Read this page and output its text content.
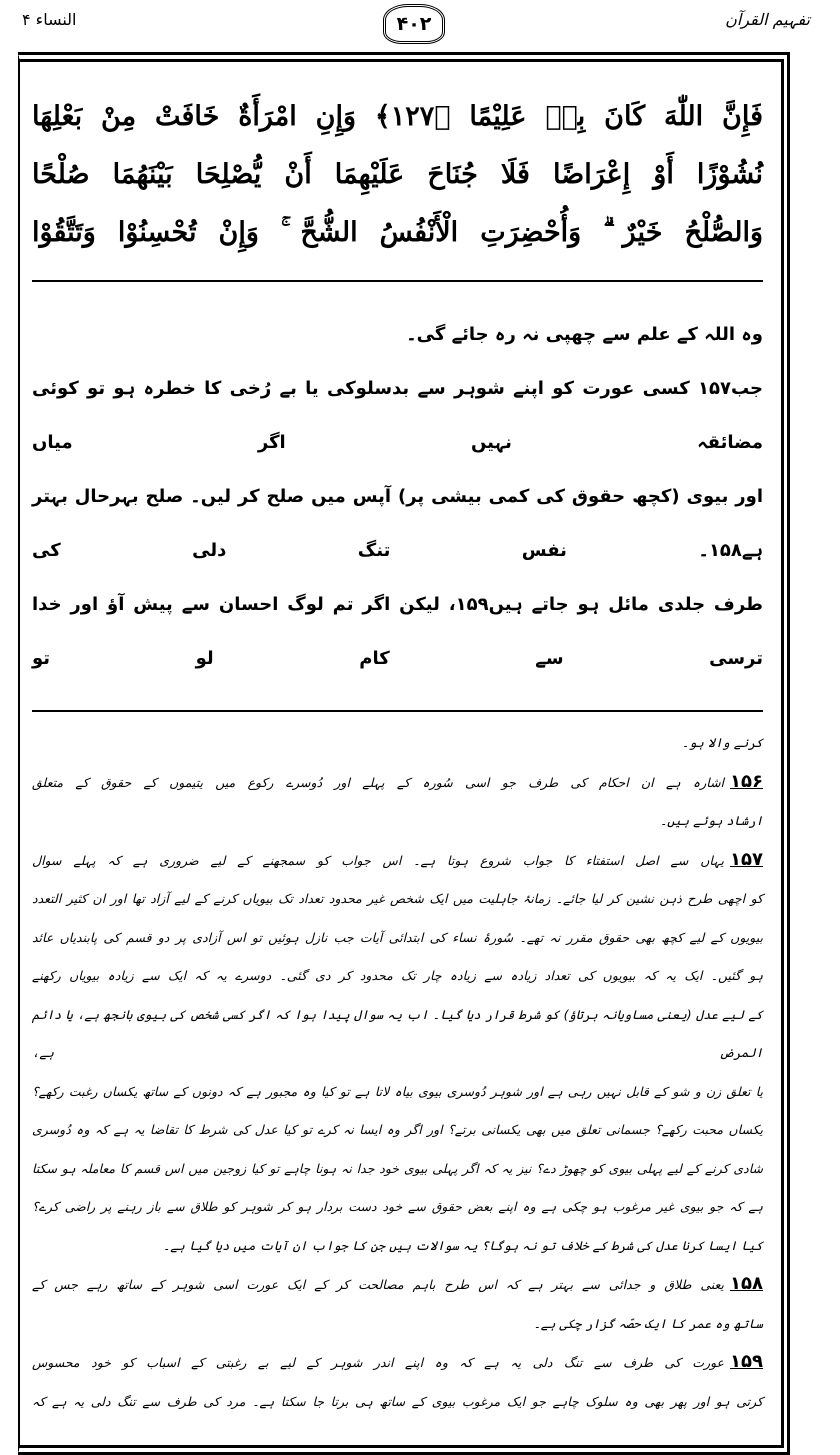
تفہیم القرآن
۴۰۲
النساء ۴
فَإِنَّ اللّٰهَ كَانَ بِهٖ عَلِيْمًا ﴿١٢٧﴾ وَإِنِ امْرَأَةٌ خَافَتْ مِنْ بَعْلِهَا
نُشُوْزًا أَوْ إِعْرَاضًا فَلَا جُنَاحَ عَلَيْهِمَا أَنْ يُّصْلِحَا بَيْنَهُمَا صُلْحًا
وَالصُّلْحُ خَيْرٌ ۗ وَأُحْضِرَتِ الْأَنْفُسُ الشُّحَّ ۚ وَإِنْ تُحْسِنُوْا وَتَتَّقُوْا
وہ اللہ کے علم سے چھپی نہ رہ جائے گی۔
جب۱۵۷ کسی عورت کو اپنے شوہر سے بدسلوکی یا بے رُخی کا خطرہ ہو تو کوئی مضائقہ نہیں اگر میاں
اور بیوی (کچھ حقوق کی کمی بیشی پر) آپس میں صلح کر لیں۔ صلح بہرحال بہتر ہے۱۵۸۔ نفس تنگ دلی کی
طرف جلدی مائل ہو جاتے ہیں۱۵۹، لیکن اگر تم لوگ احسان سے پیش آؤ اور خدا ترسی سے کام لو تو
کرنے والا ہو۔
۱۵۶اشارہ ہے ان احکام کی طرف جو اسی سُورہ کے پہلے اور دُوسرے رکوع میں یتیموں کے حقوق کے متعلق
ارشاد ہوئے ہیں۔
۱۵۷یہاں سے اصل استفتاء کا جواب شروع ہوتا ہے۔ اس جواب کو سمجھنے کے لیے ضروری ہے کہ پہلے سوال
کو اچھی طرح ذہن نشین کر لیا جائے۔ زمانۂ جاہلیت میں ایک شخص غیر محدود تعداد تک بیویاں کرنے کے لیے آزاد تھا اور ان کثیر التعدد
بیویوں کے لیے کچھ بھی حقوق مقرر نہ تھے۔ سُورۂ نساء کی ابتدائی آیات جب نازل ہوئیں تو اس آزادی پر دو قسم کی پابندیاں عائد
ہو گئیں۔ ایک یہ کہ بیویوں کی تعداد زیادہ سے زیادہ چار تک محدود کر دی گئی۔ دوسرے یہ کہ ایک سے زیادہ بیویاں رکھنے
کے لیے عدل (یعنی مساویانہ برتاؤ) کو شرط قرار دیا گیا۔ اب یہ سوال پیدا ہوا کہ اگر کسی شخص کی بیوی بانجھ ہے، یا دائم المرض ہے،
یا تعلق زن و شو کے قابل نہیں رہی ہے اور شوہر دُوسری بیوی بیاہ لاتا ہے تو کیا وہ مجبور ہے کہ دونوں کے ساتھ یکساں رغبت رکھے؟
یکساں محبت رکھے؟ جسمانی تعلق میں بھی یکسانی برتے؟ اور اگر وہ ایسا نہ کرے تو کیا عدل کی شرط کا تقاضا یہ ہے کہ وہ دُوسری
شادی کرنے کے لیے پہلی بیوی کو چھوڑ دے؟ نیز یہ کہ اگر پہلی بیوی خود جدا نہ ہونا چاہے تو کیا زوجین میں اس قسم کا معاملہ ہو سکتا
ہے کہ جو بیوی غیر مرغوب ہو چکی ہے وہ اپنے بعض حقوق سے خود دست بردار ہو کر شوہر کو طلاق سے باز رہنے پر راضی کرے؟
کیا ایسا کرنا عدل کی شرط کے خلاف تو نہ ہوگا؟ یہ سوالات ہیں جن کا جواب ان آیات میں دیا گیا ہے۔
۱۵۸یعنی طلاق و جدائی سے بہتر ہے کہ اس طرح باہم مصالحت کر کے ایک عورت اسی شوہر کے ساتھ رہے جس کے
ساتھ وہ عمر کا ایک حصّہ گزار چکی ہے۔
۱۵۹عورت کی طرف سے تنگ دلی یہ ہے کہ وہ اپنے اندر شوہر کے لیے بے رغبتی کے اسباب کو خود محسوس
کرتی ہو اور پھر بھی وہ سلوک چاہے جو ایک مرغوب بیوی کے ساتھ ہی برتا جا سکتا ہے۔ مرد کی طرف سے تنگ دلی یہ ہے کہ
